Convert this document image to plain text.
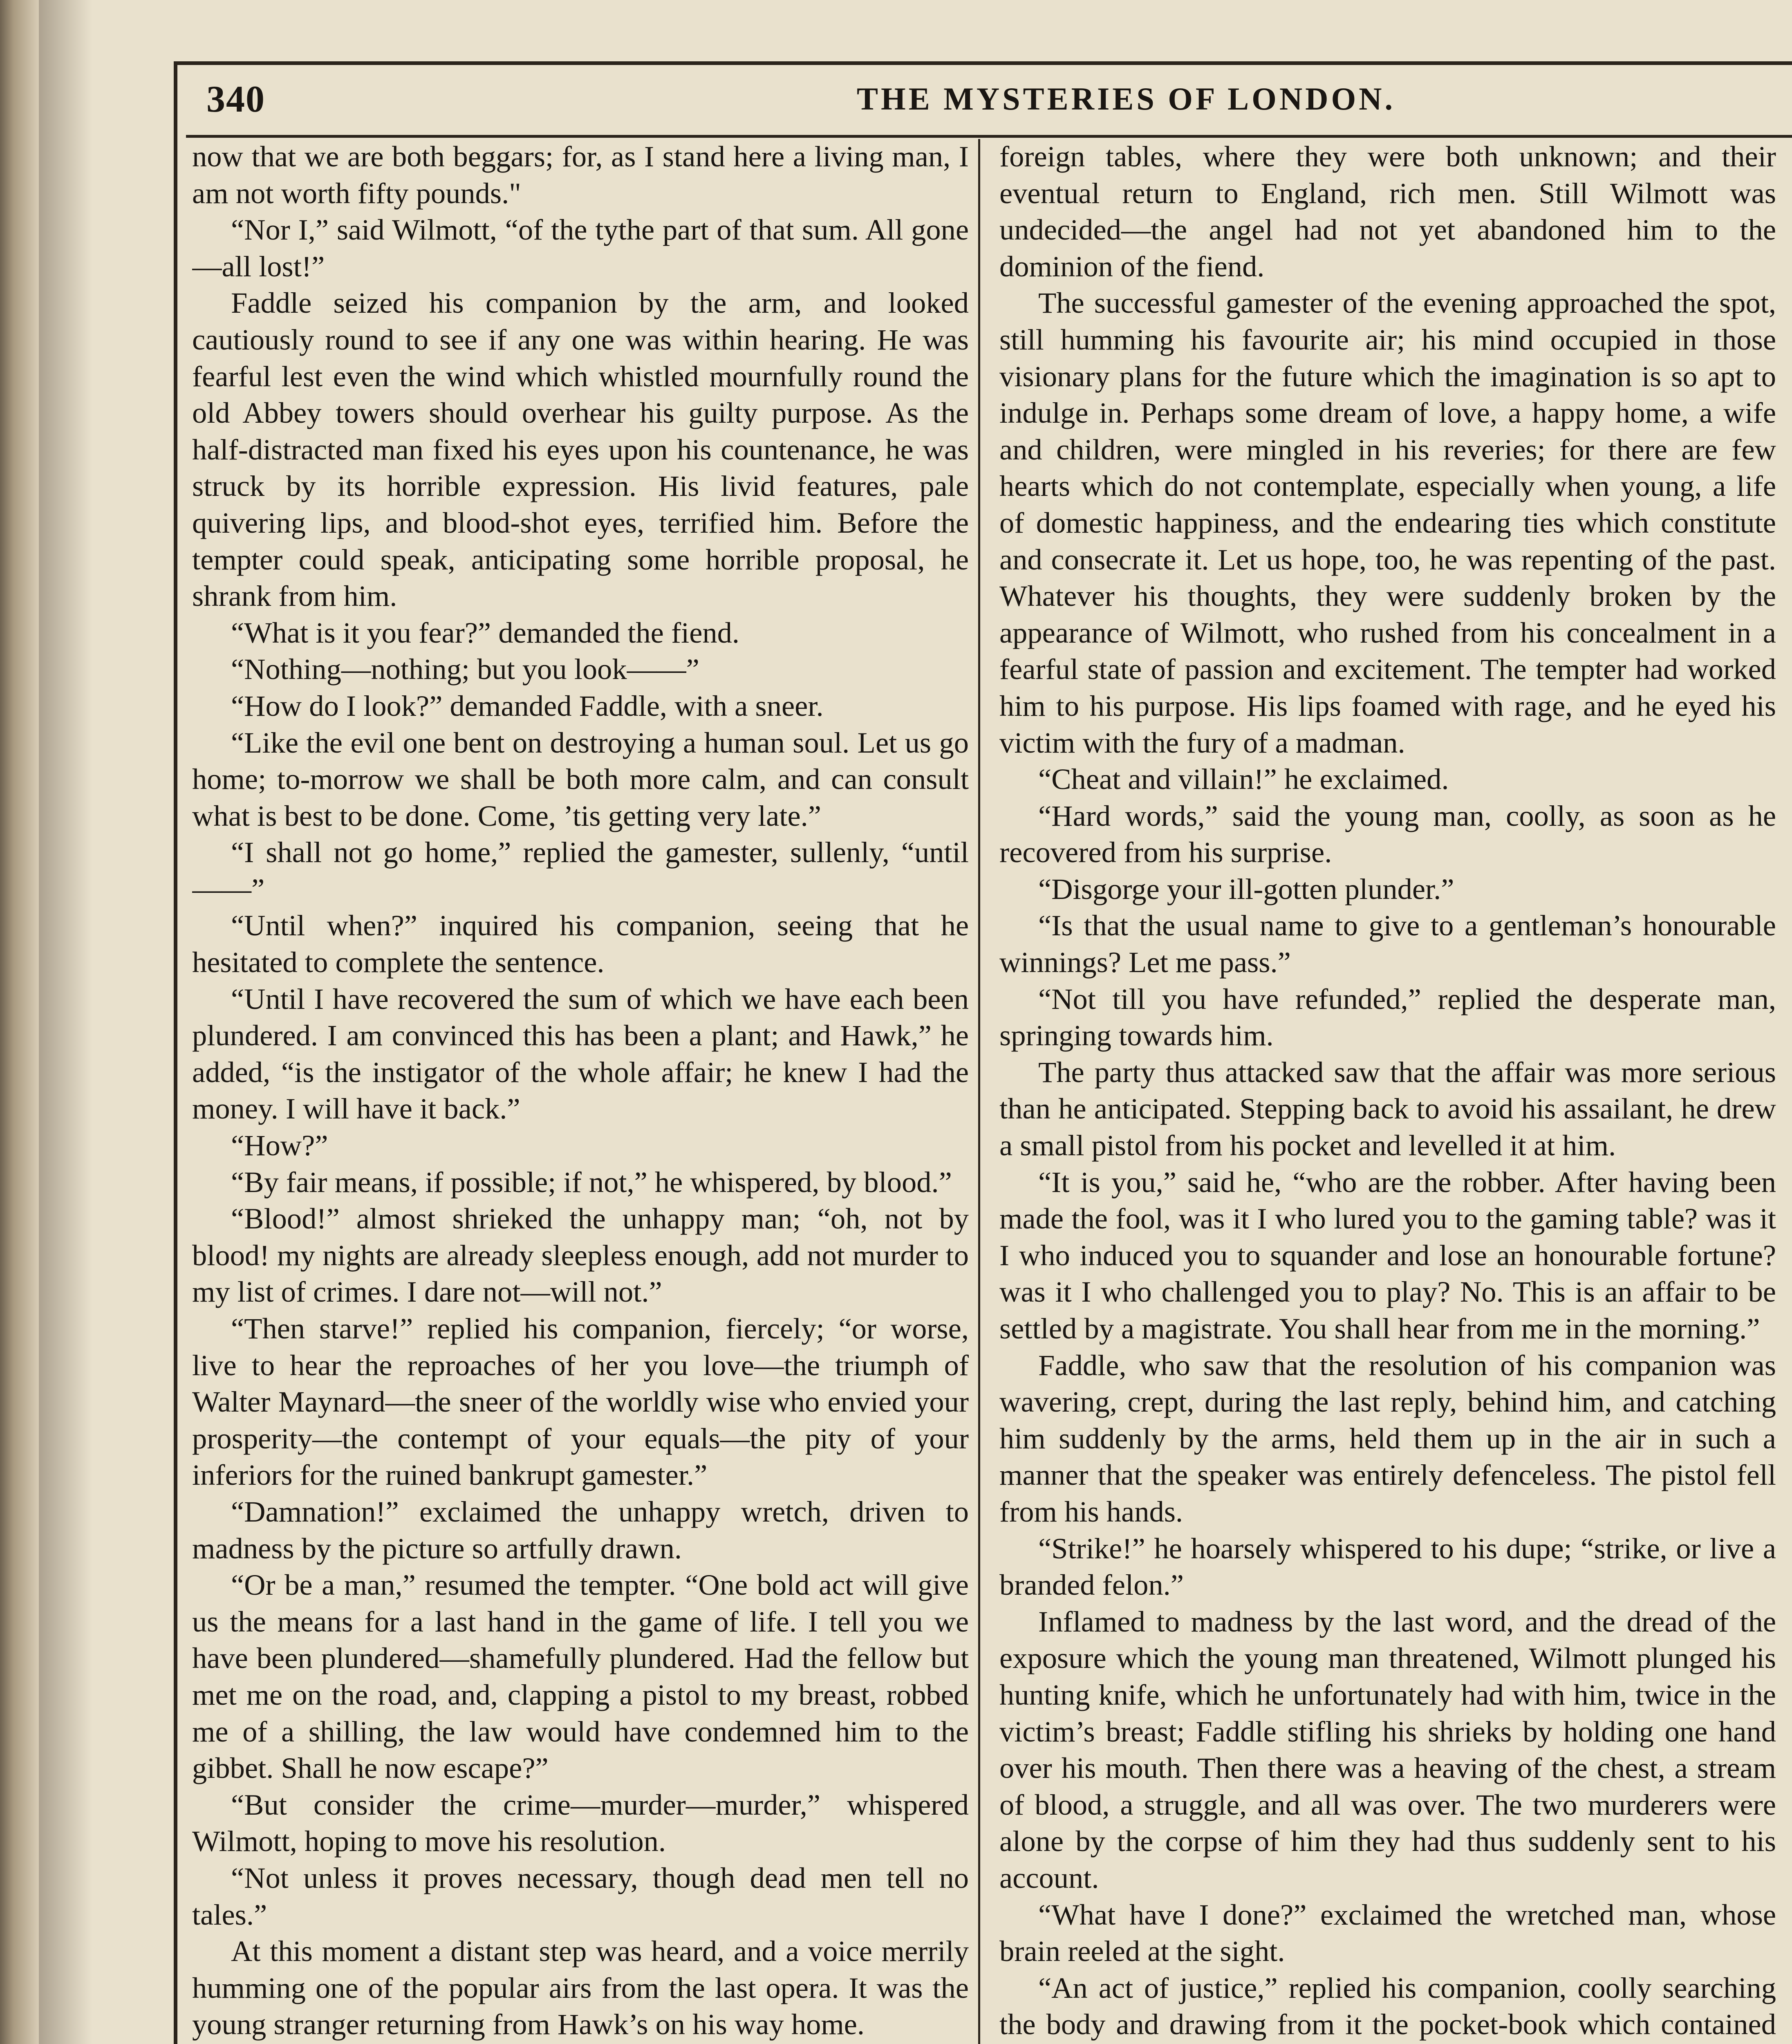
340	THE MYSTERIES OF LONDON.

now that we are both beggars; for, as I stand here a living man, I am not worth fifty pounds."

“Nor I,” said Wilmott, “of the tythe part of that sum. All gone—all lost!”

Faddle seized his companion by the arm, and looked cautiously round to see if any one was within hearing. He was fearful lest even the wind which whistled mournfully round the old Abbey towers should overhear his guilty purpose. As the half-distracted man fixed his eyes upon his countenance, he was struck by its horrible expression. His livid features, pale quivering lips, and blood-shot eyes, terrified him. Before the tempter could speak, anticipating some horrible proposal, he shrank from him.

“What is it you fear?” demanded the fiend.

“Nothing—nothing; but you look——”

“How do I look?” demanded Faddle, with a sneer.

“Like the evil one bent on destroying a human soul. Let us go home; to-morrow we shall be both more calm, and can consult what is best to be done. Come, ’tis getting very late.”

“I shall not go home,” replied the gamester, sullenly, “until——”

“Until when?” inquired his companion, seeing that he hesitated to complete the sentence.

“Until I have recovered the sum of which we have each been plundered. I am convinced this has been a plant; and Hawk,” he added, “is the instigator of the whole affair; he knew I had the money. I will have it back.”

“How?”

“By fair means, if possible; if not,” he whispered, by blood.”

“Blood!” almost shrieked the unhappy man; “oh, not by blood! my nights are already sleepless enough, add not murder to my list of crimes. I dare not—will not.”

“Then starve!” replied his companion, fiercely; “or worse, live to hear the reproaches of her you love—the triumph of Walter Maynard—the sneer of the worldly wise who envied your prosperity—the contempt of your equals—the pity of your inferiors for the ruined bankrupt gamester.”

“Damnation!” exclaimed the unhappy wretch, driven to madness by the picture so artfully drawn.

“Or be a man,” resumed the tempter. “One bold act will give us the means for a last hand in the game of life. I tell you we have been plundered—shamefully plundered. Had the fellow but met me on the road, and, clapping a pistol to my breast, robbed me of a shilling, the law would have condemned him to the gibbet. Shall he now escape?”

“But consider the crime—murder—murder,” whispered Wilmott, hoping to move his resolution.

“Not unless it proves necessary, though dead men tell no tales.”

At this moment a distant step was heard, and a voice merrily humming one of the popular airs from the last opera. It was the young stranger returning from Hawk’s on his way home.

foreign tables, where they were both unknown; and their eventual return to England, rich men. Still Wilmott was undecided—the angel had not yet abandoned him to the dominion of the fiend.

The successful gamester of the evening approached the spot, still humming his favourite air; his mind occupied in those visionary plans for the future which the imagination is so apt to indulge in. Perhaps some dream of love, a happy home, a wife and children, were mingled in his reveries; for there are few hearts which do not contemplate, especially when young, a life of domestic happiness, and the endearing ties which constitute and consecrate it. Let us hope, too, he was repenting of the past. Whatever his thoughts, they were suddenly broken by the appearance of Wilmott, who rushed from his concealment in a fearful state of passion and excitement. The tempter had worked him to his purpose. His lips foamed with rage, and he eyed his victim with the fury of a madman.

“Cheat and villain!” he exclaimed.

“Hard words,” said the young man, coolly, as soon as he recovered from his surprise.

“Disgorge your ill-gotten plunder.”

“Is that the usual name to give to a gentleman’s honourable winnings? Let me pass.”

“Not till you have refunded,” replied the desperate man, springing towards him.

The party thus attacked saw that the affair was more serious than he anticipated. Stepping back to avoid his assailant, he drew a small pistol from his pocket and levelled it at him.

“It is you,” said he, “who are the robber. After having been made the fool, was it I who lured you to the gaming table? was it I who induced you to squander and lose an honourable fortune? was it I who challenged you to play? No. This is an affair to be settled by a magistrate. You shall hear from me in the morning.”

Faddle, who saw that the resolution of his companion was wavering, crept, during the last reply, behind him, and catching him suddenly by the arms, held them up in the air in such a manner that the speaker was entirely defenceless. The pistol fell from his hands.

“Strike!” he hoarsely whispered to his dupe; “strike, or live a branded felon.”

Inflamed to madness by the last word, and the dread of the exposure which the young man threatened, Wilmott plunged his hunting knife, which he unfortunately had with him, twice in the victim’s breast; Faddle stifling his shrieks by holding one hand over his mouth. Then there was a heaving of the chest, a stream of blood, a struggle, and all was over. The two murderers were alone by the corpse of him they had thus suddenly sent to his account.

“What have I done?” exclaimed the wretched man, whose brain reeled at the sight.

“An act of justice,” replied his companion, coolly searching the body and drawing from it the pocket-book which contained
